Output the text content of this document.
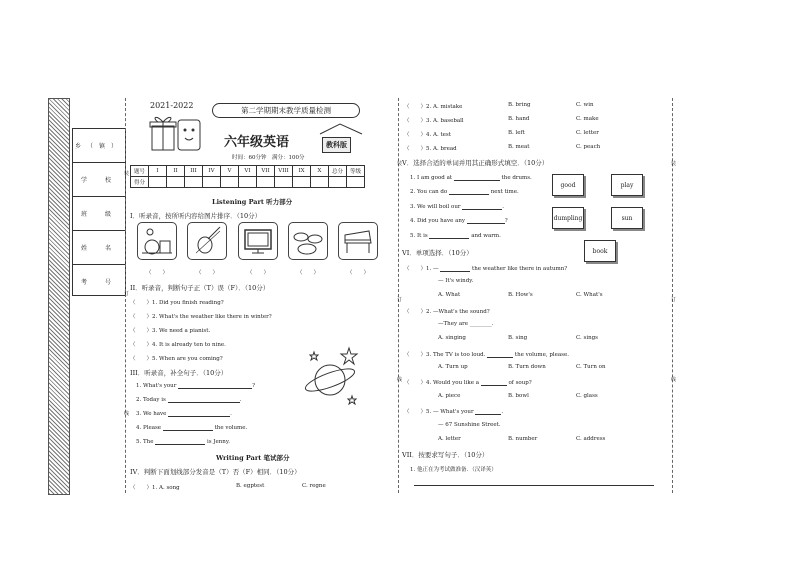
乡（镇）
学　校
班　级
姓　名
考　号
装
订
线
装
订
线
装
订
线
2021-2022
第二学期期末教学质量检测
六年级英语	教科版
时间：60分钟 满分：100分
题号	I	II	III	IV	V	VI	VII	VIII	IX	X	总分	等级
得分												
Listening Part 听力部分
I．听录音，按所听内容给图片排序．（10分）
（　　）	（　　）	（　　）	（　　）	（　　）
II．听录音，判断句子正（T）误（F）．（10分）
（　　）1. Did you finish reading?
（　　）2. What's the weather like there in winter?
（　　）3. We need a pianist.
（　　）4. It is already ten to nine.
（　　）5. When are you coming?
III．听录音，补全句子．（10分）
1. What's your	?
2. Today is	.
3. We have	.
4. Please	the volume.
5. The	is Jenny.
Writing Part 笔试部分
IV．判断下面划线部分发音是（T）否（F）相同．（10分）
（　　）1. A. song	B. egptest	C. regne
（　　）2. A. mistake	B. bring	C. win
（　　）3. A. baseball	B. hand	C. make
（　　）4. A. test	B. left	C. letter
（　　）5. A. bread	B. meat	C. peach
V．选择合适的单词并用其正确形式填空．（10分）
1. I am good at	the drums.
2. You can do	next time.
3. We will boil our	.
4. Did you have any	?
5. It is	and warm.
good	play
dumpling	sun
book
VI．单项选择．（10分）
（　　）1. —	the weather like there in autumn?
— It's windy.
A. What	B. How's	C. What's
（　　）2. —What's the sound?
—They are ________.
A. singing	B. sing	C. sings
（　　）3. The TV is too loud.	the volume, please.
A. Turn up	B. Turn down	C. Turn on
（　　）4. Would you like a	of soup?
A. piece	B. bowl	C. glass
（　　）5. — What's your	.
— 67 Sunshine Street.
A. letter	B. number	C. address
VII．按要求写句子．（10分）
1. 他正在为考试做准备．（汉译英）
